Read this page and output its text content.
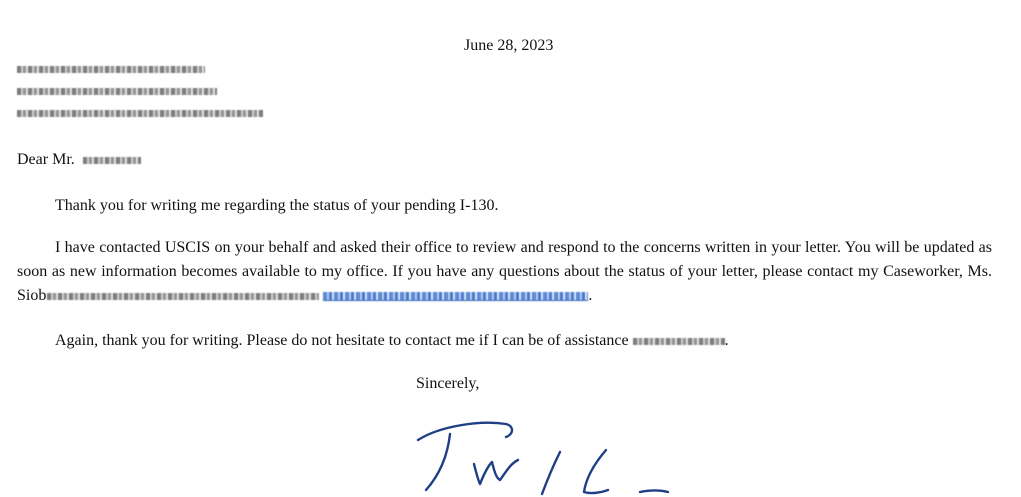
June 28, 2023
Dear Mr.
Thank you for writing me regarding the status of your pending I-130.
I have contacted USCIS on your behalf and asked their office to review and respond to the concerns written in your letter. You will be updated as soon as new information becomes available to my office. If you have any questions about the status of your letter, please contact my Caseworker, Ms. Siob	.
Again, thank you for writing. Please do not hesitate to contact me if I can be of assistance	.
Sincerely,
